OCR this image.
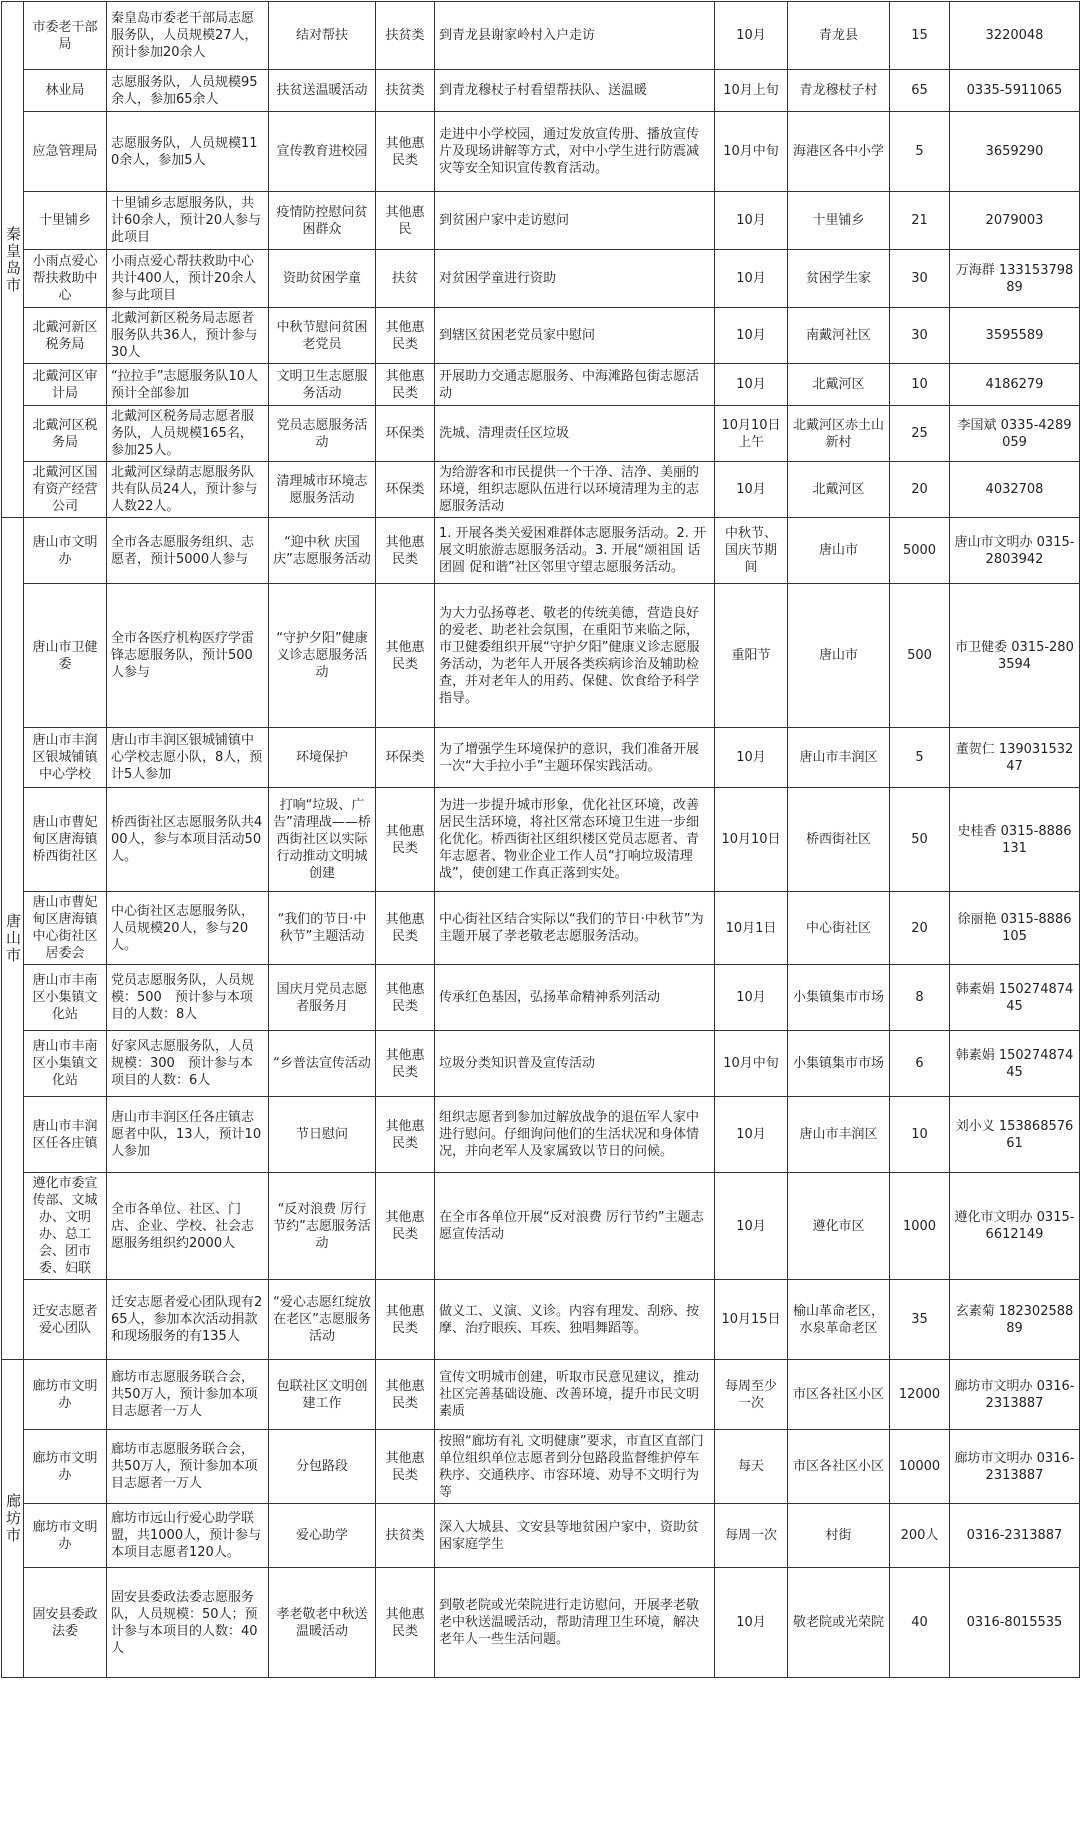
秦皇岛市	市委老干部局	秦皇岛市委老干部局志愿服务队，人员规模27人，预计参加20余人	结对帮扶	扶贫类	到青龙县谢家岭村入户走访	10月	青龙县	15	3220048
	林业局	志愿服务队，人员规模95余人，参加65余人	扶贫送温暖活动	扶贫类	到青龙穆杖子村看望帮扶队、送温暖	10月上旬	青龙穆杖子村	65	0335-5911065
	应急管理局	志愿服务队，人员规模110余人，参加5人	宣传教育进校园	其他惠民类	走进中小学校园，通过发放宣传册、播放宣传片及现场讲解等方式，对中小学生进行防震减灾等安全知识宣传教育活动。	10月中旬	海港区各中小学	5	3659290
	十里铺乡	十里铺乡志愿服务队，共计60余人，预计20人参与此项目	疫情防控慰问贫困群众	其他惠民	到贫困户家中走访慰问	10月	十里铺乡	21	2079003
	小雨点爱心帮扶救助中心	小雨点爱心帮扶救助中心共计400人，预计20余人参与此项目	资助贫困学童	扶贫	对贫困学童进行资助	10月	贫困学生家	30	万海群 13315379889
	北戴河新区税务局	北戴河新区税务局志愿者服务队共36人，预计参与30人	中秋节慰问贫困老党员	其他惠民类	到辖区贫困老党员家中慰问	10月	南戴河社区	30	3595589
	北戴河区审计局	“拉拉手”志愿服务队10人预计全部参加	文明卫生志愿服务活动	其他惠民类	开展助力交通志愿服务、中海滩路包街志愿活动	10月	北戴河区	10	4186279
	北戴河区税务局	北戴河区税务局志愿者服务队，人员规模165名，参加25人。	党员志愿服务活动	环保类	洗城、清理责任区垃圾	10月10日上午	北戴河区赤土山新村	25	李国斌 0335-4289059
	北戴河区国有资产经营公司	北戴河区绿荫志愿服务队共有队员24人，预计参与人数22人。	清理城市环境志愿服务活动	环保类	为给游客和市民提供一个干净、洁净、美丽的环境，组织志愿队伍进行以环境清理为主的志愿服务活动	10月	北戴河区	20	4032708
唐山市	唐山市文明办	全市各志愿服务组织、志愿者，预计5000人参与	“迎中秋 庆国庆”志愿服务活动	其他惠民类	1. 开展各类关爱困难群体志愿服务活动。2. 开展文明旅游志愿服务活动。3. 开展“颂祖国 话团圆 促和谐”社区邻里守望志愿服务活动。	中秋节、国庆节期间	唐山市	5000	唐山市文明办 0315-2803942
	唐山市卫健委	全市各医疗机构医疗学雷锋志愿服务队，预计500人参与	“守护夕阳”健康义诊志愿服务活动	其他惠民类	为大力弘扬尊老、敬老的传统美德，营造良好的爱老、助老社会氛围，在重阳节来临之际，市卫健委组织开展“守护夕阳”健康义诊志愿服务活动，为老年人开展各类疾病诊治及辅助检查，并对老年人的用药、保健、饮食给予科学指导。	重阳节	唐山市	500	市卫健委 0315-2803594
	唐山市丰润区银城铺镇中心学校	唐山市丰润区银城铺镇中心学校志愿小队，8人，预计5人参加	环境保护	环保类	为了增强学生环境保护的意识，我们准备开展一次“大手拉小手”主题环保实践活动。	10月	唐山市丰润区	5	董贺仁 13903153247
	唐山市曹妃甸区唐海镇桥西街社区	桥西街社区志愿服务队共400人，参与本项目活动50人。	打响“垃圾、广告”清理战——桥西街社区以实际行动推动文明城创建	其他惠民类	为进一步提升城市形象，优化社区环境，改善居民生活环境，将社区常态环境卫生进一步细化优化。桥西街社区组织楼区党员志愿者、青年志愿者、物业企业工作人员“打响垃圾清理战”，使创建工作真正落到实处。	10月10日	桥西街社区	50	史桂香 0315-8886131
	唐山市曹妃甸区唐海镇中心街社区居委会	中心街社区志愿服务队，人员规模20人，参与20人。	“我们的节日·中秋节”主题活动	其他惠民类	中心街社区结合实际以“我们的节日·中秋节”为主题开展了孝老敬老志愿服务活动。	10月1日	中心街社区	20	徐丽艳 0315-8886105
	唐山市丰南区小集镇文化站	党员志愿服务队，人员规模：500　预计参与本项目的人数：8人	国庆月党员志愿者服务月	其他惠民类	传承红色基因，弘扬革命精神系列活动	10月	小集镇集市市场	8	韩素娟 15027487445
	唐山市丰南区小集镇文化站	好家风志愿服务队，人员规模：300　预计参与本项目的人数：6人	“乡普法宣传活动	其他惠民类	垃圾分类知识普及宣传活动	10月中旬	小集镇集市市场	6	韩素娟 15027487445
	唐山市丰润区任各庄镇	唐山市丰润区任各庄镇志愿者中队，13人，预计10人参加	节日慰问	其他惠民类	组织志愿者到参加过解放战争的退伍军人家中进行慰问。仔细询问他们的生活状况和身体情况，并向老军人及家属致以节日的问候。	10月	唐山市丰润区	10	刘小义 15386857661
	遵化市委宣传部、文城办、文明办、总工会、团市委、妇联	全市各单位、社区、门店、企业、学校、社会志愿服务组织约2000人	“反对浪费 厉行节约”志愿服务活动	其他惠民类	在全市各单位开展“反对浪费 厉行节约”主题志愿宣传活动	10月	遵化市区	1000	遵化市文明办 0315-6612149
	迁安志愿者爱心团队	迁安志愿者爱心团队现有265人，参加本次活动捐款和现场服务的有135人	“爱心志愿红绽放在老区”志愿服务活动	其他惠民类	做义工、义演、义诊。内容有理发、刮痧、按摩、治疗眼疾、耳疾、独唱舞蹈等。	10月15日	榆山革命老区，水泉革命老区	35	玄素菊 18230258889
廊坊市	廊坊市文明办	廊坊市志愿服务联合会，共50万人，预计参加本项目志愿者一万人	包联社区文明创建工作	其他惠民类	宣传文明城市创建，听取市民意见建议，推动社区完善基础设施、改善环境，提升市民文明素质	每周至少一次	市区各社区小区	12000	廊坊市文明办 0316-2313887
	廊坊市文明办	廊坊市志愿服务联合会，共50万人，预计参加本项目志愿者一万人	分包路段	其他惠民类	按照“廊坊有礼 文明健康”要求，市直区直部门单位组织单位志愿者到分包路段监督维护停车秩序、交通秩序、市容环境、劝导不文明行为等	每天	市区各社区小区	10000	廊坊市文明办 0316-2313887
	廊坊市文明办	廊坊市远山行爱心助学联盟，共1000人，预计参与本项目志愿者120人。	爱心助学	扶贫类	深入大城县、文安县等地贫困户家中，资助贫困家庭学生	每周一次	村街	200人	0316-2313887
	固安县委政法委	固安县委政法委志愿服务队，人员规模：50人；预计参与本项目的人数：40人	孝老敬老中秋送温暖活动	其他惠民类	到敬老院或光荣院进行走访慰问，开展孝老敬老中秋送温暖活动，帮助清理卫生环境，解决老年人一些生活问题。	10月	敬老院或光荣院	40	0316-8015535
